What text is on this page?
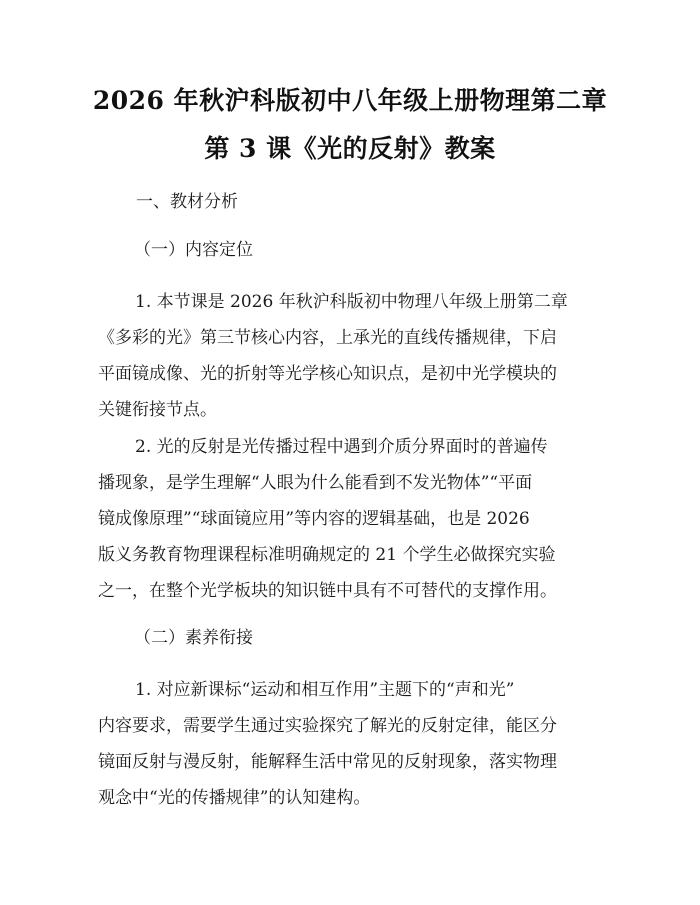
2026 年秋沪科版初中八年级上册物理第二章
第 3 课《光的反射》教案
一、教材分析
（一）内容定位
1. 本节课是 2026 年秋沪科版初中物理八年级上册第二章
《多彩的光》第三节核心内容，上承光的直线传播规律，下启
平面镜成像、光的折射等光学核心知识点，是初中光学模块的
关键衔接节点。
2. 光的反射是光传播过程中遇到介质分界面时的普遍传
播现象，是学生理解“人眼为什么能看到不发光物体”“平面
镜成像原理”“球面镜应用”等内容的逻辑基础，也是 2026
版义务教育物理课程标准明确规定的 21 个学生必做探究实验
之一，在整个光学板块的知识链中具有不可替代的支撑作用。
（二）素养衔接
1. 对应新课标“运动和相互作用”主题下的“声和光”
内容要求，需要学生通过实验探究了解光的反射定律，能区分
镜面反射与漫反射，能解释生活中常见的反射现象，落实物理
观念中“光的传播规律”的认知建构。
